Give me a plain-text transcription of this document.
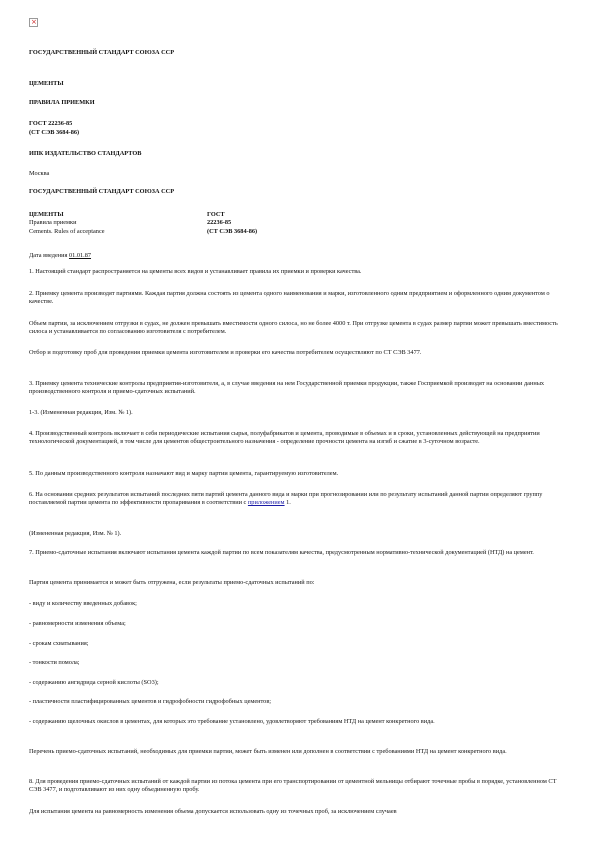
×
ГОСУДАРСТВЕННЫЙ СТАНДАРТ СОЮЗА ССР
ЦЕМЕНТЫ
ПРАВИЛА ПРИЕМКИ
ГОСТ 22236-85
(СТ СЭВ 3684-86)
ИПК ИЗДАТЕЛЬСТВО СТАНДАРТОВ
Москва
ГОСУДАРСТВЕННЫЙ СТАНДАРТ СОЮЗА ССР
ЦЕМЕНТЫ
Правила приемки
Cements. Rules of acceptance
ГОСТ
22236-85
(СТ СЭВ 3684-86)
Дата введения 01.01.87
1. Настоящий стандарт распространяется на цементы всех видов и устанавливает правила их приемки и проверки качества.
2. Приемку цемента производят партиями. Каждая партия должна состоять из цемента одного наименования и марки, изготовленного одним предприятием и оформленного одним документом о качестве.
Объем партии, за исключением отгрузки в судах, не должен превышать вместимости одного силоса, но не более 4000 т. При отгрузке цемента в судах размер партии может превышать вместимость силоса и устанавливается по согласованию изготовителя с потребителем.
Отбор и подготовку проб для проведения приемки цемента изготовителем и проверки его качества потребителем осуществляют по СТ СЭВ 3477.
3. Приемку цемента технические контролы предприятия-изготовителя, а, в случае введения на нем Государственной приемки продукции, также Госприемкой производят на основании данных производственного контроля и приемо-сдаточных испытаний.
1-3. (Измененная редакция, Изм. № 1).
4. Производственный контроль включает в себя периодические испытания сырья, полуфабрикатов и цемента, проводимые в объемах и в сроки, установленных действующей на предприятии технологической документацией, в том числе для цементов общестроительного назначения - определение прочности цемента на изгиб и сжатие в 3-суточном возрасте.
5. По данным производственного контроля назначают вид и марку партии цемента, гарантируемую изготовителем.
6. На основании средних результатов испытаний последних пяти партий цемента данного вида и марки при прогнозировании или по результату испытаний данной партии определяют группу поставляемой партии цемента по эффективности пропаривания в соответствии с приложением 1.
(Измененная редакция, Изм. № 1).
7. Приемо-сдаточные испытания включают испытания цемента каждой партии по всем показателям качества, предусмотренным нормативно-технической документацией (НТД) на цемент.
Партия цемента принимается и может быть отгружена, если результаты приемо-сдаточных испытаний по:
- виду и количеству введенных добавок;
- равномерности изменения объема;
- срокам схватывания;
- тонкости помола;
- содержанию ангидрида серной кислоты (SO3);
- пластичности пластифицированных цементов и гидрофобности гидрофобных цементов;
- содержанию щелочных окислов в цементах, для которых это требование установлено, удовлетворяют требованиям НТД на цемент конкретного вида.
Перечень приемо-сдаточных испытаний, необходимых для приемки партии, может быть изменен или дополнен в соответствии с требованиями НТД на цемент конкретного вида.
8. Для проведения приемо-сдаточных испытаний от каждой партии из потока цемента при его транспортировании от цементной мельницы отбирают точечные пробы в порядке, установленном СТ СЭВ 3477, и подготавливают из них одну объединенную пробу.
Для испытания цемента на равномерность изменения объема допускается использовать одну из точечных проб, за исключением случаев
